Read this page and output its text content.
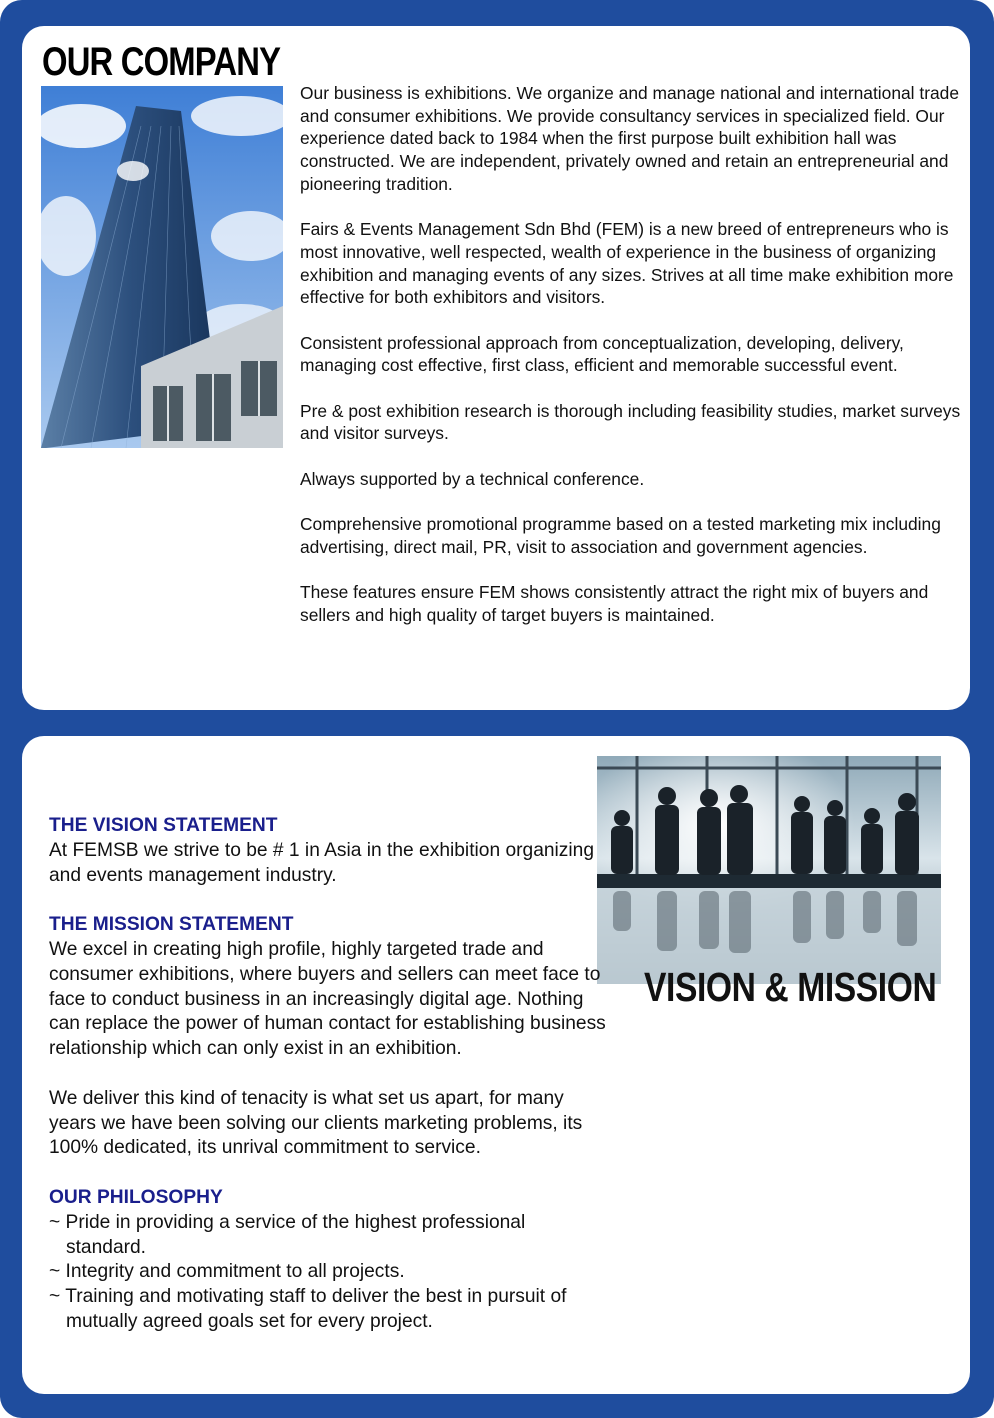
OUR COMPANY

Our business is exhibitions. We organize and manage national and international trade and consumer exhibitions. We provide consultancy services in specialized field. Our experience dated back to 1984 when the first purpose built exhibition hall was constructed. We are independent, privately owned and retain an entrepreneurial and pioneering tradition.

Fairs & Events Management Sdn Bhd (FEM) is a new breed of entrepreneurs who is most innovative, well respected, wealth of experience in the business of organizing exhibition and managing events of any sizes. Strives at all time make exhibition more effective for both exhibitors and visitors.

Consistent professional approach from conceptualization, developing, delivery, managing cost effective, first class, efficient and memorable successful event.

Pre & post exhibition research is thorough including feasibility studies, market surveys and visitor surveys.

Always supported by a technical conference.

Comprehensive promotional programme based on a tested marketing mix including advertising, direct mail, PR, visit to association and government agencies.

These features ensure FEM shows consistently attract the right mix of buyers and sellers and high quality of target buyers is maintained.

VISION & MISSION

THE VISION STATEMENT

At FEMSB we strive to be # 1 in Asia in the exhibition organizing and events management industry.

THE MISSION STATEMENT

We excel in creating high profile, highly targeted trade and consumer exhibitions, where buyers and sellers can meet face to face to conduct business in an increasingly digital age. Nothing can replace the power of human contact for establishing business relationship which can only exist in an exhibition.

We deliver this kind of tenacity is what set us apart, for many years we have been solving our clients marketing problems, its 100% dedicated, its unrival commitment to service.

OUR PHILOSOPHY

~ Pride in providing a service of the highest professional standard.

~ Integrity and commitment to all projects.

~ Training and motivating staff to deliver the best in pursuit of mutually agreed goals set for every project.
